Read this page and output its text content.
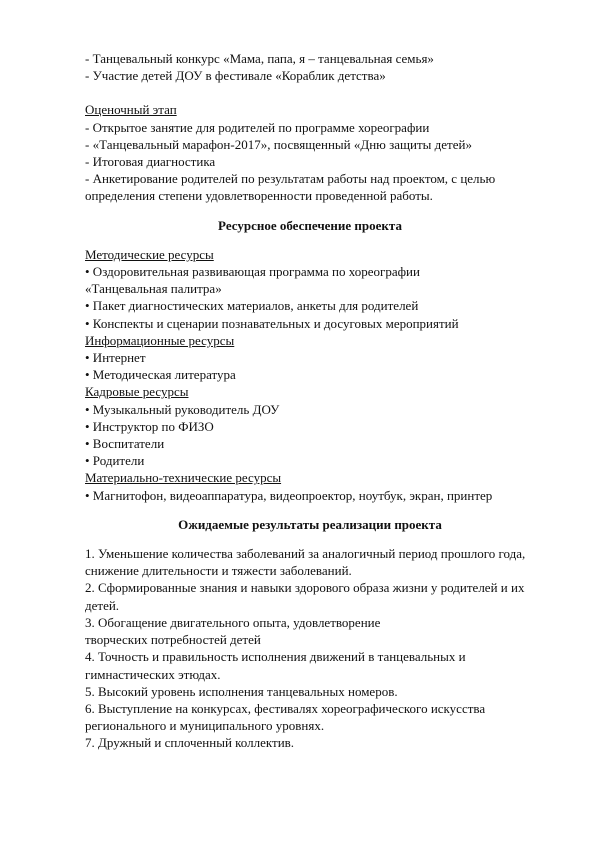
- Танцевальный конкурс «Мама, папа, я – танцевальная семья»
- Участие детей ДОУ в фестивале «Кораблик детства»
Оценочный этап
- Открытое занятие для родителей по программе хореографии
- «Танцевальный марафон-2017», посвященный «Дню защиты детей»
- Итоговая диагностика
- Анкетирование родителей по результатам работы над проектом, с целью определения степени удовлетворенности проведенной работы.
Ресурсное обеспечение проекта
Методические ресурсы
• Оздоровительная развивающая программа по хореографии «Танцевальная палитра»
• Пакет диагностических материалов, анкеты для родителей
• Конспекты и сценарии познавательных и досуговых мероприятий
Информационные ресурсы
• Интернет
• Методическая литература
Кадровые ресурсы
• Музыкальный руководитель ДОУ
• Инструктор по ФИЗО
• Воспитатели
• Родители
Материально-технические ресурсы
• Магнитофон, видеоаппаратура, видеопроектор, ноутбук, экран, принтер
Ожидаемые результаты реализации проекта
1. Уменьшение количества заболеваний за аналогичный период прошлого года, снижение длительности и тяжести заболеваний.
2. Сформированные знания и навыки здорового образа жизни у родителей и их детей.
3. Обогащение двигательного опыта, удовлетворение творческих потребностей детей
4. Точность и правильность исполнения движений в танцевальных и гимнастических этюдах.
5. Высокий уровень исполнения танцевальных номеров.
6. Выступление на конкурсах, фестивалях хореографического искусства регионального и муниципального уровнях.
7. Дружный и сплоченный коллектив.
